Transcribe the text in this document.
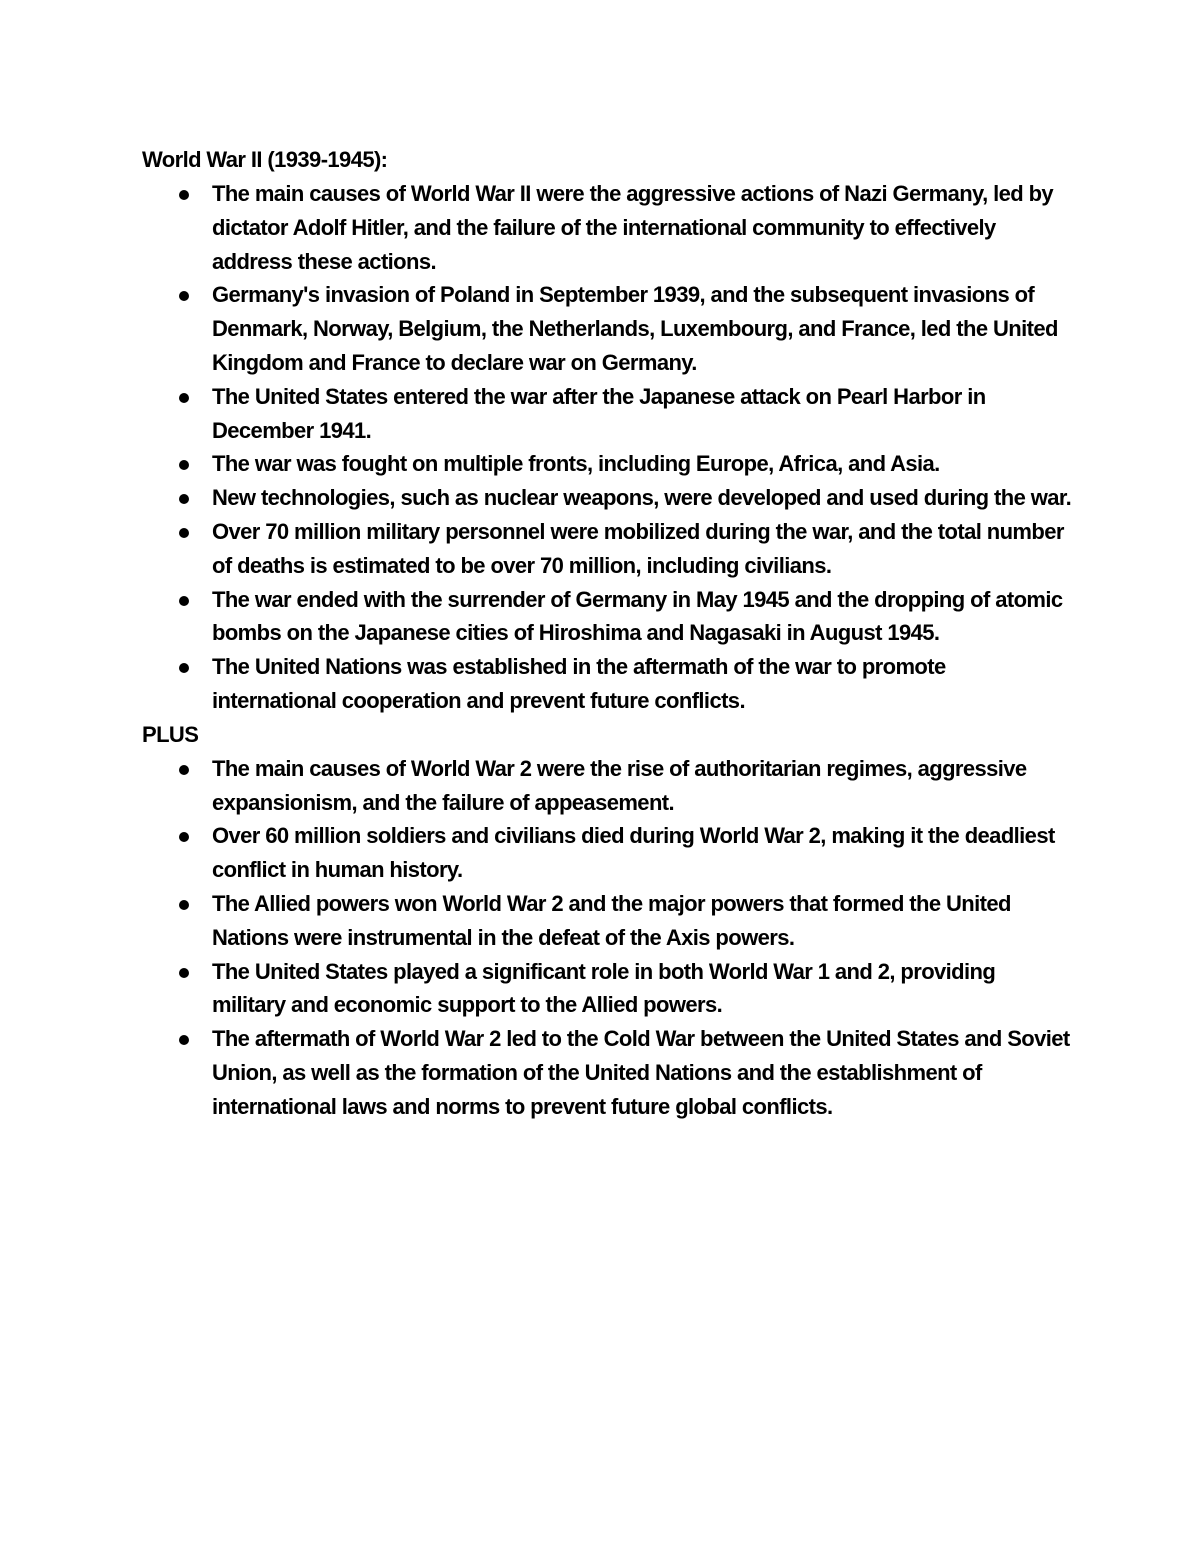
World War II (1939-1945):
The main causes of World War II were the aggressive actions of Nazi Germany, led by dictator Adolf Hitler, and the failure of the international community to effectively address these actions.
Germany's invasion of Poland in September 1939, and the subsequent invasions of Denmark, Norway, Belgium, the Netherlands, Luxembourg, and France, led the United Kingdom and France to declare war on Germany.
The United States entered the war after the Japanese attack on Pearl Harbor in December 1941.
The war was fought on multiple fronts, including Europe, Africa, and Asia.
New technologies, such as nuclear weapons, were developed and used during the war.
Over 70 million military personnel were mobilized during the war, and the total number of deaths is estimated to be over 70 million, including civilians.
The war ended with the surrender of Germany in May 1945 and the dropping of atomic bombs on the Japanese cities of Hiroshima and Nagasaki in August 1945.
The United Nations was established in the aftermath of the war to promote international cooperation and prevent future conflicts.
PLUS
The main causes of World War 2 were the rise of authoritarian regimes, aggressive expansionism, and the failure of appeasement.
Over 60 million soldiers and civilians died during World War 2, making it the deadliest conflict in human history.
The Allied powers won World War 2 and the major powers that formed the United Nations were instrumental in the defeat of the Axis powers.
The United States played a significant role in both World War 1 and 2, providing military and economic support to the Allied powers.
The aftermath of World War 2 led to the Cold War between the United States and Soviet Union, as well as the formation of the United Nations and the establishment of international laws and norms to prevent future global conflicts.
